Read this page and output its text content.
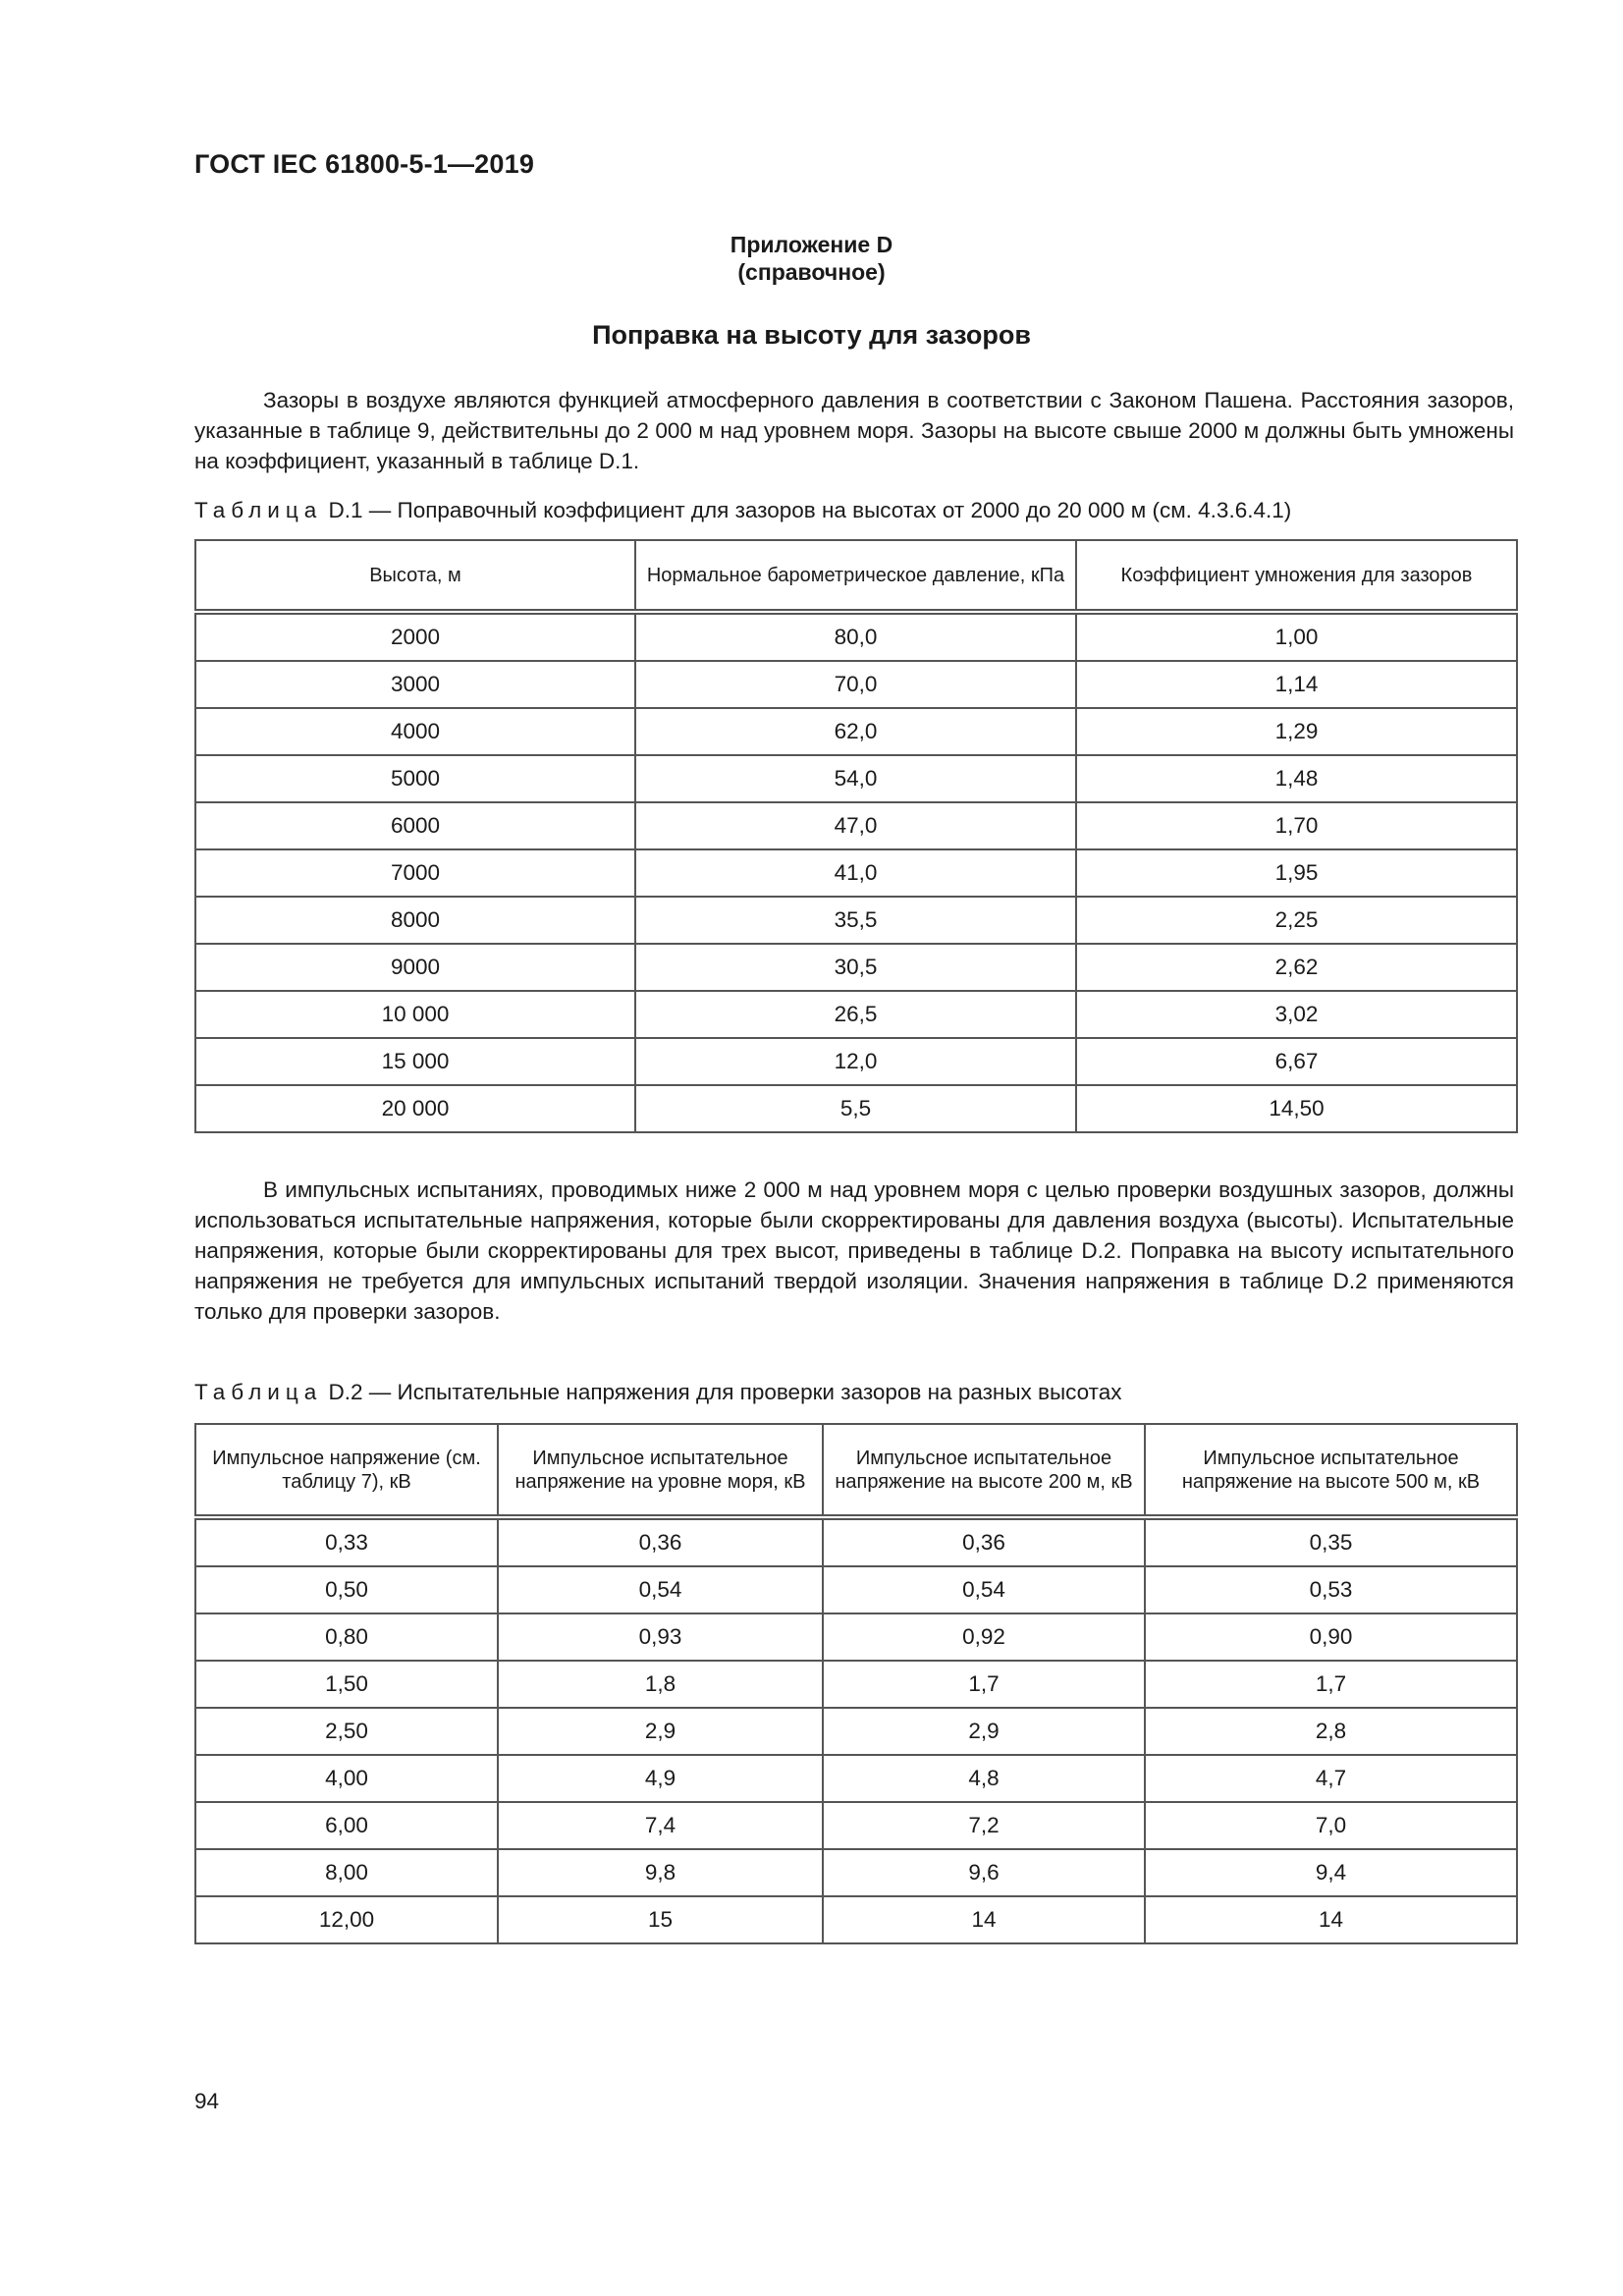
ГОСТ IEC 61800-5-1—2019
Приложение D
(справочное)
Поправка на высоту для зазоров

Зазоры в воздухе являются функцией атмосферного давления в соответствии с Законом Пашена. Расстояния зазоров, указанные в таблице 9, действительны до 2 000 м над уровнем моря. Зазоры на высоте свыше 2000 м должны быть умножены на коэффициент, указанный в таблице D.1.

Таблица D.1 — Поправочный коэффициент для зазоров на высотах от 2000 до 20 000 м (см. 4.3.6.4.1)
Высота, м	Нормальное барометрическое давление, кПа	Коэффициент умножения для зазоров
2000	80,0	1,00
3000	70,0	1,14
4000	62,0	1,29
5000	54,0	1,48
6000	47,0	1,70
7000	41,0	1,95
8000	35,5	2,25
9000	30,5	2,62
10 000	26,5	3,02
15 000	12,0	6,67
20 000	5,5	14,50

В импульсных испытаниях, проводимых ниже 2 000 м над уровнем моря с целью проверки воздушных зазоров, должны использоваться испытательные напряжения, которые были скорректированы для давления воздуха (высоты). Испытательные напряжения, которые были скорректированы для трех высот, приведены в таблице D.2. Поправка на высоту испытательного напряжения не требуется для импульсных испытаний твердой изоляции. Значения напряжения в таблице D.2 применяются только для проверки зазоров.

Таблица D.2 — Испытательные напряжения для проверки зазоров на разных высотах
Импульсное напряжение (см. таблицу 7), кВ	Импульсное испытательное напряжение на уровне моря, кВ	Импульсное испытательное напряжение на высоте 200 м, кВ	Импульсное испытательное напряжение на высоте 500 м, кВ
0,33	0,36	0,36	0,35
0,50	0,54	0,54	0,53
0,80	0,93	0,92	0,90
1,50	1,8	1,7	1,7
2,50	2,9	2,9	2,8
4,00	4,9	4,8	4,7
6,00	7,4	7,2	7,0
8,00	9,8	9,6	9,4
12,00	15	14	14
94
